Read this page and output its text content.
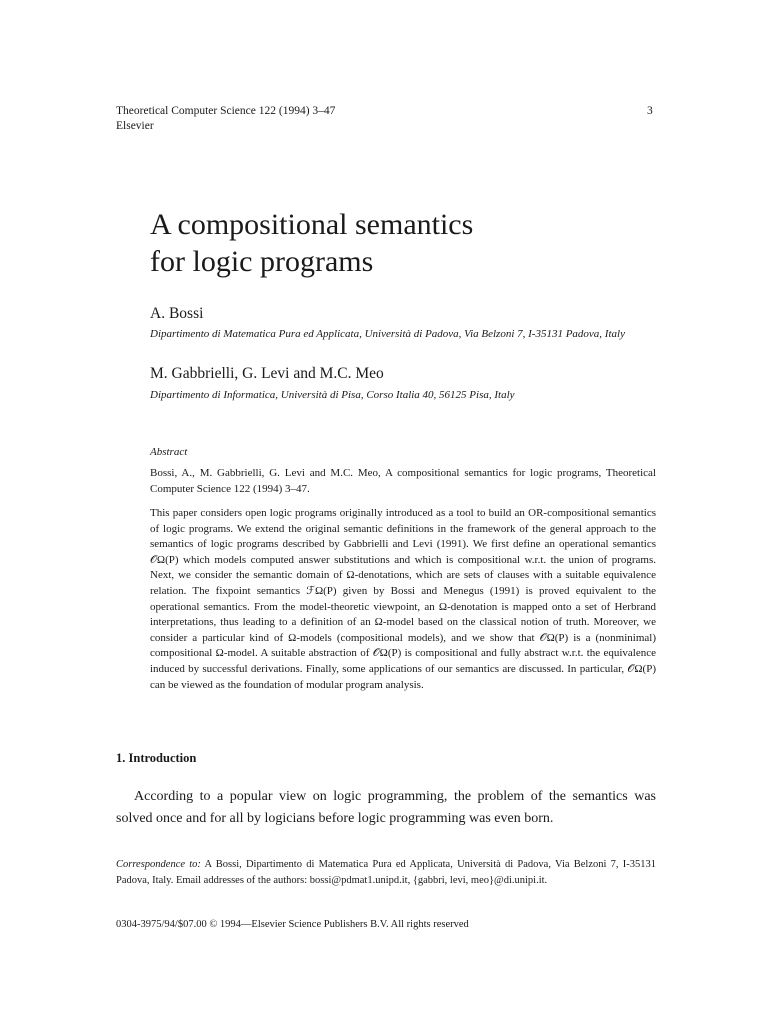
Theoretical Computer Science 122 (1994) 3–47
Elsevier
3
A compositional semantics
for logic programs
A. Bossi
Dipartimento di Matematica Pura ed Applicata, Università di Padova, Via Belzoni 7, I-35131 Padova, Italy
M. Gabbrielli, G. Levi and M.C. Meo
Dipartimento di Informatica, Università di Pisa, Corso Italia 40, 56125 Pisa, Italy
Abstract
Bossi, A., M. Gabbrielli, G. Levi and M.C. Meo, A compositional semantics for logic programs, Theoretical Computer Science 122 (1994) 3–47.
This paper considers open logic programs originally introduced as a tool to build an OR-compositional semantics of logic programs. We extend the original semantic definitions in the framework of the general approach to the semantics of logic programs described by Gabbrielli and Levi (1991). We first define an operational semantics 𝒪Ω(P) which models computed answer substitutions and which is compositional w.r.t. the union of programs. Next, we consider the semantic domain of Ω-denotations, which are sets of clauses with a suitable equivalence relation. The fixpoint semantics ℱΩ(P) given by Bossi and Menegus (1991) is proved equivalent to the operational semantics. From the model-theoretic viewpoint, an Ω-denotation is mapped onto a set of Herbrand interpretations, thus leading to a definition of an Ω-model based on the classical notion of truth. Moreover, we consider a particular kind of Ω-models (compositional models), and we show that 𝒪Ω(P) is a (nonminimal) compositional Ω-model. A suitable abstraction of 𝒪Ω(P) is compositional and fully abstract w.r.t. the equivalence induced by successful derivations. Finally, some applications of our semantics are discussed. In particular, 𝒪Ω(P) can be viewed as the foundation of modular program analysis.
1. Introduction
According to a popular view on logic programming, the problem of the semantics was solved once and for all by logicians before logic programming was even born.
Correspondence to: A Bossi, Dipartimento di Matematica Pura ed Applicata, Università di Padova, Via Belzoni 7, I-35131 Padova, Italy. Email addresses of the authors: bossi@pdmat1.unipd.it, {gabbri, levi, meo}@di.unipi.it.
0304-3975/94/$07.00 © 1994—Elsevier Science Publishers B.V. All rights reserved
